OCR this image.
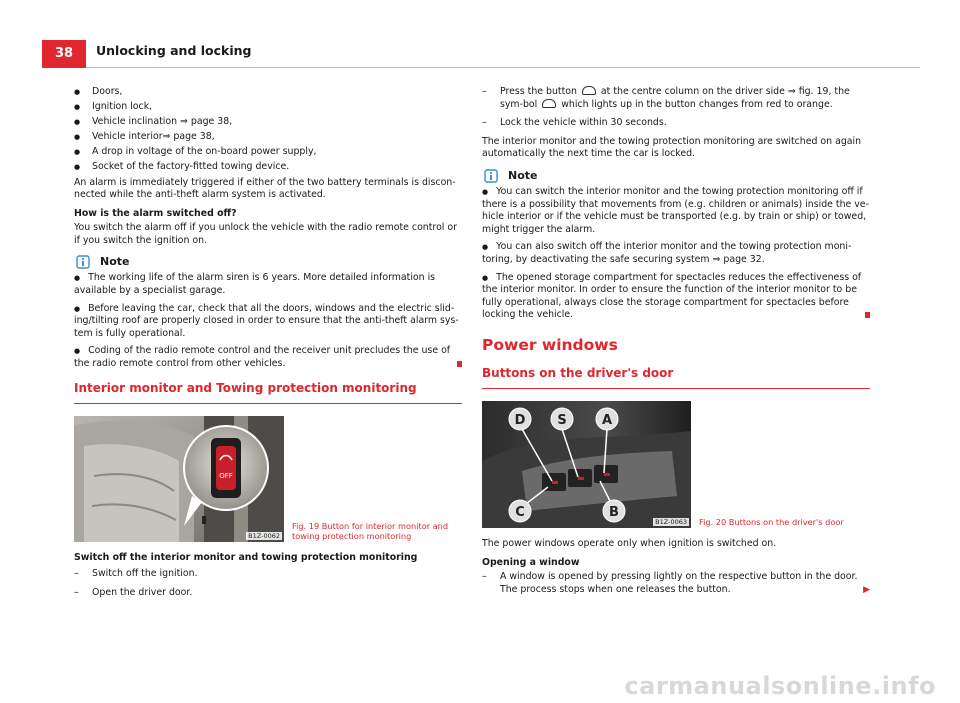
38	Unlocking and locking
● Doors,
● Ignition lock,
● Vehicle inclination ⇒ page 38,
● Vehicle interior⇒ page 38,
● A drop in voltage of the on-board power supply,
● Socket of the factory-fitted towing device.

An alarm is immediately triggered if either of the two battery terminals is discon-nected while the anti-theft alarm system is activated.

How is the alarm switched off?

You switch the alarm off if you unlock the vehicle with the radio remote control or if you switch the ignition on.

Note
● The working life of the alarm siren is 6 years. More detailed information is available by a specialist garage.
● Before leaving the car, check that all the doors, windows and the electric slid-ing/tilting roof are properly closed in order to ensure that the anti-theft alarm sys-tem is fully operational.
● Coding of the radio remote control and the receiver unit precludes the use of the radio remote control from other vehicles.
Interior monitor and Towing protection monitoring
OFF
B1Z-0062
Fig. 19 Button for interior monitor and towing protection monitoring

Switch off the interior monitor and towing protection monitoring

– Switch off the ignition.
– Open the driver door.
– Press the button	at the centre column on the driver side ⇒ fig. 19, the sym-bol	which lights up in the button changes from red to orange.
– Lock the vehicle within 30 seconds.

The interior monitor and the towing protection monitoring are switched on again automatically the next time the car is locked.

Note
● You can switch the interior monitor and the towing protection monitoring off if there is a possibility that movements from (e.g. children or animals) inside the ve-hicle interior or if the vehicle must be transported (e.g. by train or ship) or towed, might trigger the alarm.
● You can also switch off the interior monitor and the towing protection moni-toring, by deactivating the safe securing system ⇒ page 32.
● The opened storage compartment for spectacles reduces the effectiveness of the interior monitor. In order to ensure the function of the interior monitor to be fully operational, always close the storage compartment for spectacles before locking the vehicle.
Power windows
Buttons on the driver's door
D S	A
C	B
B1Z-0063 Fig. 20 Buttons on the driver's door

The power windows operate only when ignition is switched on.

Opening a window

– A window is opened by pressing lightly on the respective button in the door. The process stops when one releases the button.	▶
carmanualsonline.info
